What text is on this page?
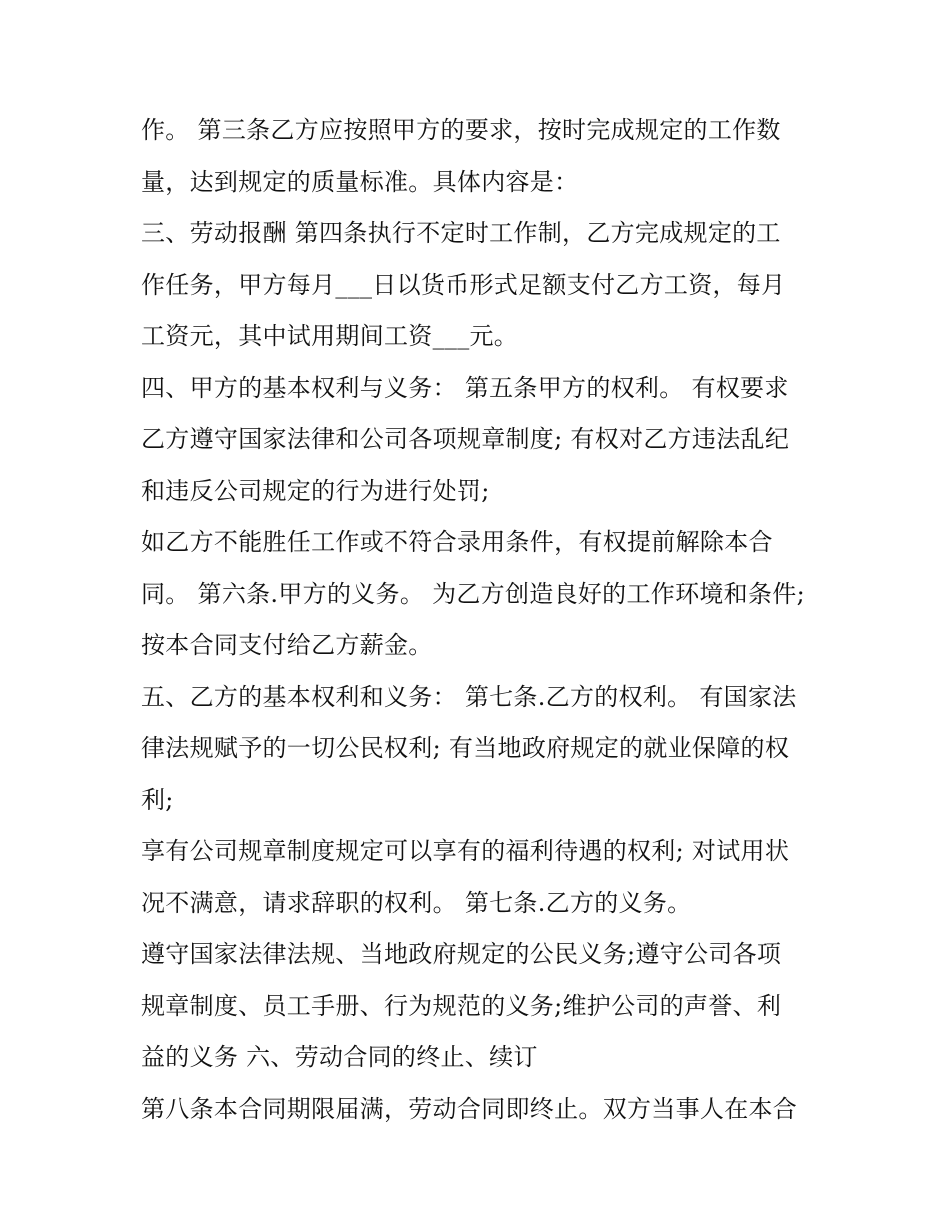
作。 第三条乙方应按照甲方的要求，按时完成规定的工作数
量，达到规定的质量标准。具体内容是：
三、劳动报酬 第四条执行不定时工作制，乙方完成规定的工
作任务，甲方每月___日以货币形式足额支付乙方工资，每月
工资元，其中试用期间工资___元。
四、甲方的基本权利与义务： 第五条甲方的权利。 有权要求
乙方遵守国家法律和公司各项规章制度; 有权对乙方违法乱纪
和违反公司规定的行为进行处罚;
如乙方不能胜任工作或不符合录用条件，有权提前解除本合
同。 第六条.甲方的义务。 为乙方创造良好的工作环境和条件;
按本合同支付给乙方薪金。
五、乙方的基本权利和义务： 第七条.乙方的权利。 有国家法
律法规赋予的一切公民权利; 有当地政府规定的就业保障的权
利;
享有公司规章制度规定可以享有的福利待遇的权利; 对试用状
况不满意，请求辞职的权利。 第七条.乙方的义务。
遵守国家法律法规、当地政府规定的公民义务;遵守公司各项
规章制度、员工手册、行为规范的义务;维护公司的声誉、利
益的义务 六、劳动合同的终止、续订
第八条本合同期限届满，劳动合同即终止。双方当事人在本合
